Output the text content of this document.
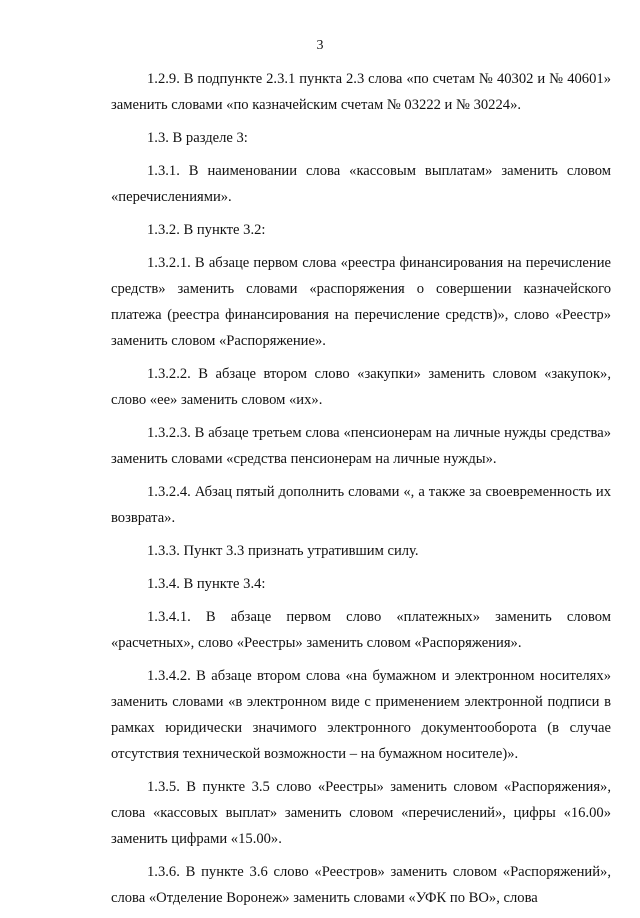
3

1.2.9. В подпункте 2.3.1 пункта 2.3 слова «по счетам № 40302 и № 40601» заменить словами «по казначейским счетам № 03222 и № 30224».

1.3. В разделе 3:

1.3.1. В наименовании слова «кассовым выплатам» заменить словом «перечислениями».

1.3.2. В пункте 3.2:

1.3.2.1. В абзаце первом слова «реестра финансирования на перечисление средств» заменить словами «распоряжения о совершении казначейского платежа (реестра финансирования на перечисление средств)», слово «Реестр» заменить словом «Распоряжение».

1.3.2.2. В абзаце втором слово «закупки» заменить словом «закупок», слово «ее» заменить словом «их».

1.3.2.3. В абзаце третьем слова «пенсионерам на личные нужды средства» заменить словами «средства пенсионерам на личные нужды».

1.3.2.4. Абзац пятый дополнить словами «, а также за своевременность их возврата».

1.3.3. Пункт 3.3 признать утратившим силу.

1.3.4. В пункте 3.4:

1.3.4.1. В абзаце первом слово «платежных» заменить словом «расчетных», слово «Реестры» заменить словом «Распоряжения».

1.3.4.2. В абзаце втором слова «на бумажном и электронном носителях» заменить словами «в электронном виде с применением электронной подписи в рамках юридически значимого электронного документооборота (в случае отсутствия технической возможности – на бумажном носителе)».

1.3.5. В пункте 3.5 слово «Реестры» заменить словом «Распоряжения», слова «кассовых выплат» заменить словом «перечислений», цифры «16.00» заменить цифрами «15.00».

1.3.6. В пункте 3.6 слово «Реестров» заменить словом «Распоряжений», слова «Отделение Воронеж» заменить словами «УФК по ВО», слова
